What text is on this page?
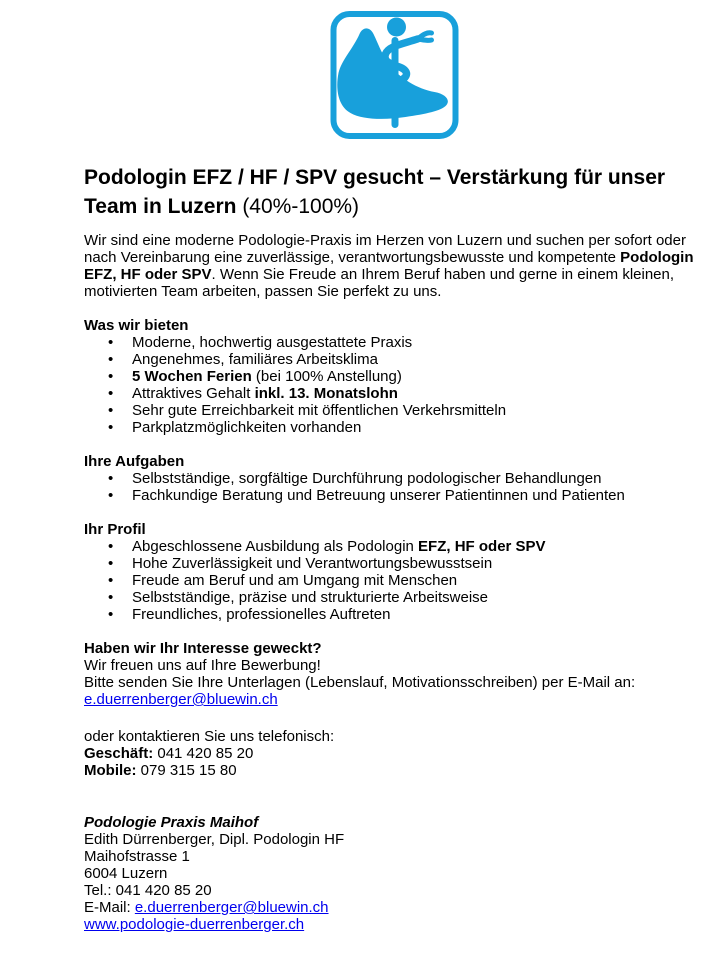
Podologin EFZ / HF / SPV gesucht – Verstärkung für unser Team in Luzern (40%-100%)

Wir sind eine moderne Podologie-Praxis im Herzen von Luzern und suchen per sofort oder nach Vereinbarung eine zuverlässige, verantwortungsbewusste und kompetente Podologin EFZ, HF oder SPV. Wenn Sie Freude an Ihrem Beruf haben und gerne in einem kleinen, motivierten Team arbeiten, passen Sie perfekt zu uns.

Was wir bieten
•	Moderne, hochwertig ausgestattete Praxis
•	Angenehmes, familiäres Arbeitsklima
•	5 Wochen Ferien (bei 100% Anstellung)
•	Attraktives Gehalt inkl. 13. Monatslohn
•	Sehr gute Erreichbarkeit mit öffentlichen Verkehrsmitteln
•	Parkplatzmöglichkeiten vorhanden
Ihre Aufgaben
•	Selbstständige, sorgfältige Durchführung podologischer Behandlungen
•	Fachkundige Beratung und Betreuung unserer Patientinnen und Patienten
Ihr Profil
•	Abgeschlossene Ausbildung als Podologin EFZ, HF oder SPV
•	Hohe Zuverlässigkeit und Verantwortungsbewusstsein
•	Freude am Beruf und am Umgang mit Menschen
•	Selbstständige, präzise und strukturierte Arbeitsweise
•	Freundliches, professionelles Auftreten
Haben wir Ihr Interesse geweckt?

Wir freuen uns auf Ihre Bewerbung!

Bitte senden Sie Ihre Unterlagen (Lebenslauf, Motivationsschreiben) per E-Mail an:

e.duerrenberger@bluewin.ch

oder kontaktieren Sie uns telefonisch:

Geschäft: 041 420 85 20

Mobile: 079 315 15 80

Podologie Praxis Maihof

Edith Dürrenberger, Dipl. Podologin HF

Maihofstrasse 1

6004 Luzern

Tel.: 041 420 85 20

E-Mail: e.duerrenberger@bluewin.ch

www.podologie-duerrenberger.ch
